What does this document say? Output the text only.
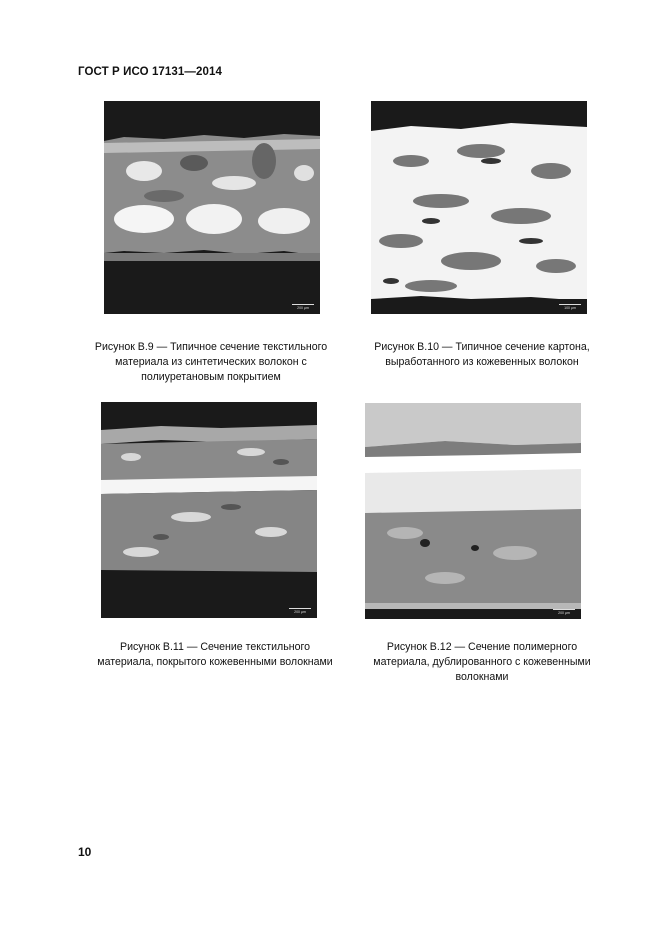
ГОСТ Р ИСО 17131—2014
200 µm	100 µm
200 µm	200 µm
Рисунок В.9 — Типичное сечение текстильного
материала из синтетических волокон с
полиуретановым покрытием
Рисунок В.10 — Типичное сечение картона,
выработанного из кожевенных волокон
Рисунок В.11 — Сечение текстильного
материала, покрытого кожевенными волокнами
Рисунок В.12 — Сечение полимерного
материала, дублированного с кожевенными
волокнами
10
